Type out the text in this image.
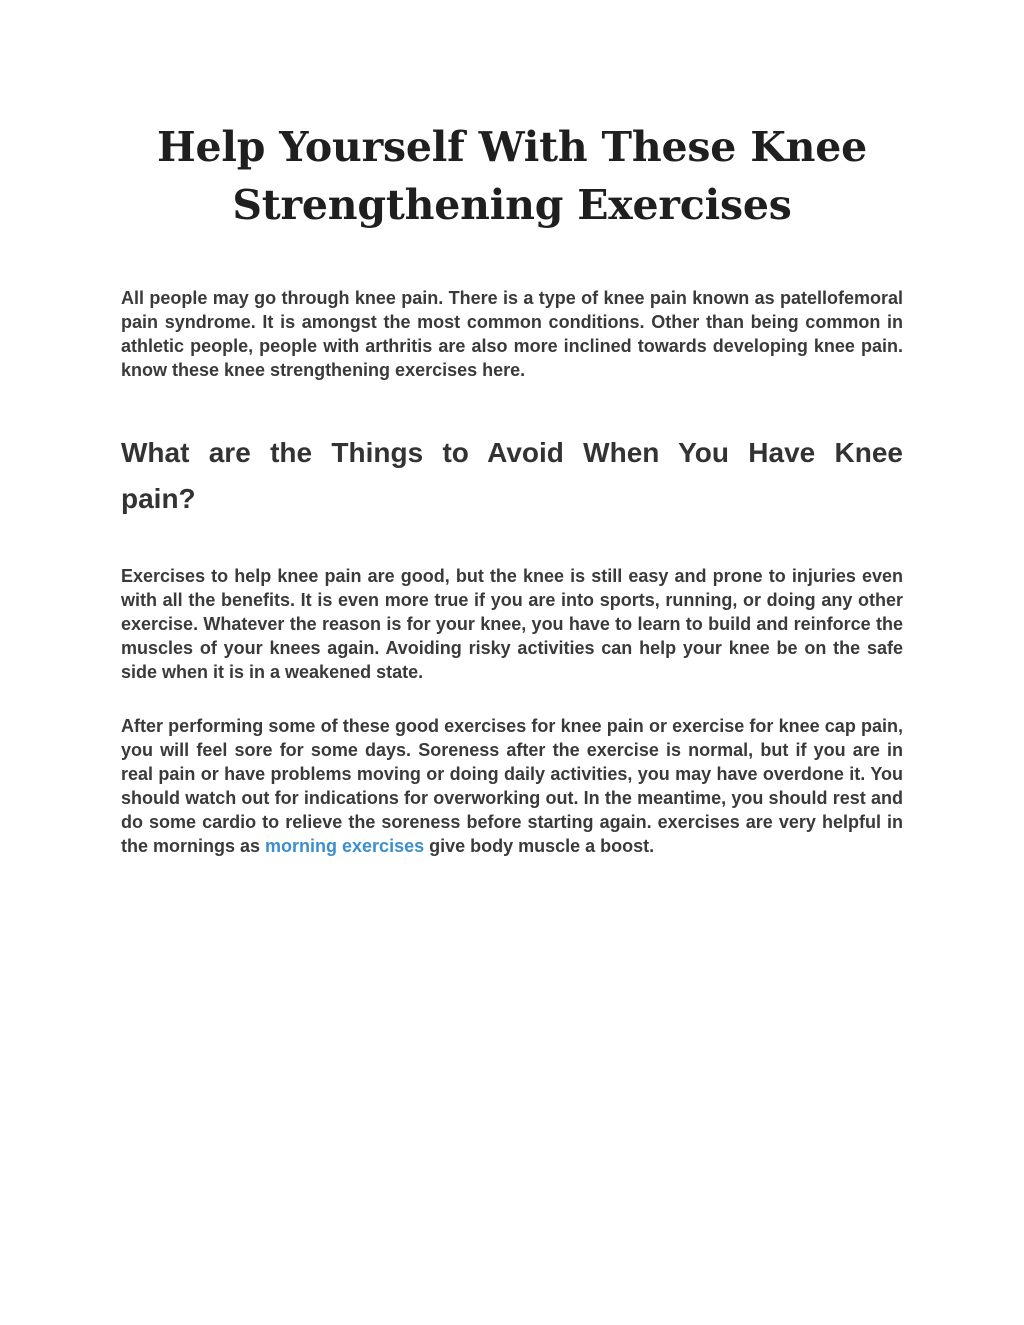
Help Yourself With These Knee Strengthening Exercises

All people may go through knee pain. There is a type of knee pain known as patellofemoral pain syndrome. It is amongst the most common conditions. Other than being common in athletic people, people with arthritis are also more inclined towards developing knee pain. know these knee strengthening exercises here.

What are the Things to Avoid When You Have Knee pain?

Exercises to help knee pain are good, but the knee is still easy and prone to injuries even with all the benefits. It is even more true if you are into sports, running, or doing any other exercise. Whatever the reason is for your knee, you have to learn to build and reinforce the muscles of your knees again. Avoiding risky activities can help your knee be on the safe side when it is in a weakened state.

After performing some of these good exercises for knee pain or exercise for knee cap pain, you will feel sore for some days. Soreness after the exercise is normal, but if you are in real pain or have problems moving or doing daily activities, you may have overdone it. You should watch out for indications for overworking out. In the meantime, you should rest and do some cardio to relieve the soreness before starting again. exercises are very helpful in the mornings as morning exercises give body muscle a boost.
